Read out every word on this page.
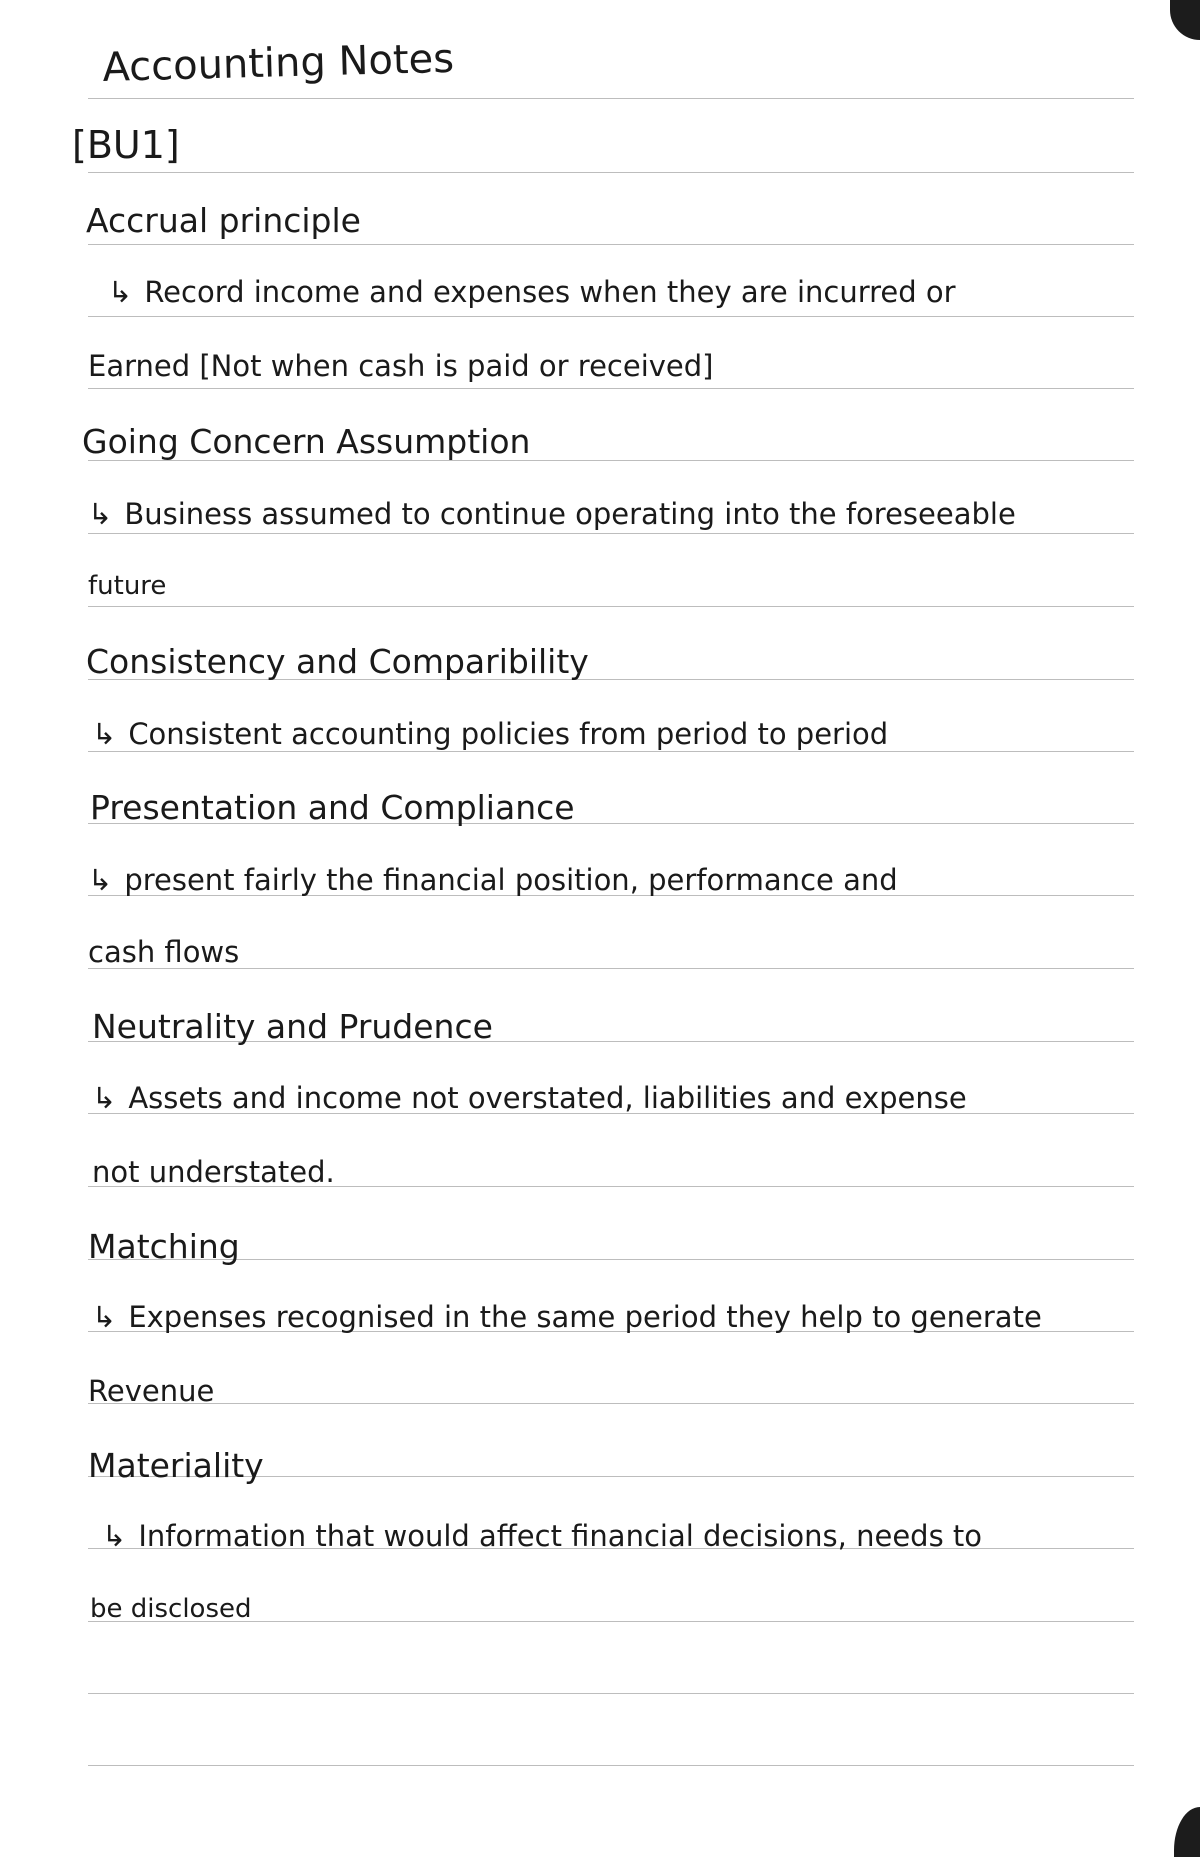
Accounting Notes
[BU1]
Accrual principle
↳ Record income and expenses when they are incurred or
Earned [Not when cash is paid or received]
Going Concern Assumption
↳ Business assumed to continue operating into the foreseeable
future
Consistency and Comparibility
↳ Consistent accounting policies from period to period
Presentation and Compliance
↳ present fairly the financial position, performance and
cash flows
Neutrality and Prudence
↳ Assets and income not overstated, liabilities and expense
not understated.
Matching
↳ Expenses recognised in the same period they help to generate
Revenue
Materiality
↳ Information that would affect financial decisions, needs to
be disclosed
